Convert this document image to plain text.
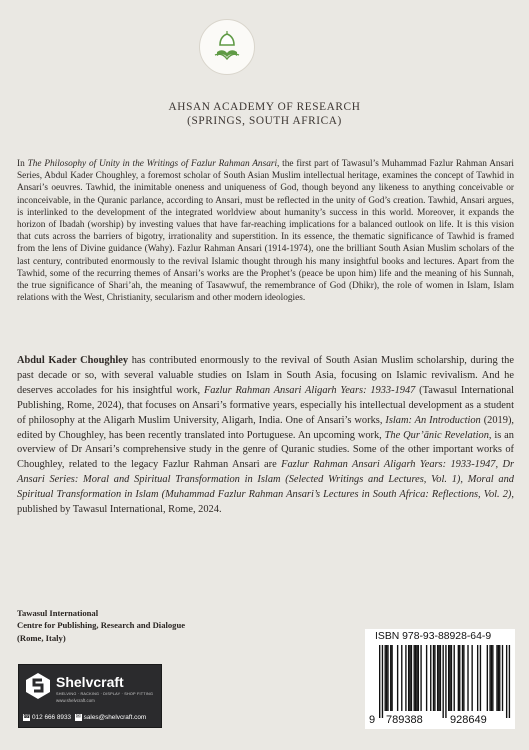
AHSAN ACADEMY OF RESEARCH
(SPRINGS, SOUTH AFRICA)
In The Philosophy of Unity in the Writings of Fazlur Rahman Ansari, the first part of Tawasul’s Muhammad Fazlur Rahman Ansari Series, Abdul Kader Choughley, a foremost scholar of South Asian Muslim intellectual heritage, examines the concept of Tawhid in Ansari’s oeuvres. Tawhid, the inimitable oneness and uniqueness of God, though beyond any likeness to anything conceivable or inconceivable, in the Quranic parlance, according to Ansari, must be reflected in the unity of God’s creation. Tawhid, Ansari argues, is interlinked to the development of the integrated worldview about humanity’s success in this world. Moreover, it expands the horizon of Ibadah (worship) by investing values that have far-reaching implications for a balanced outlook on life. It is this vision that cuts across the barriers of bigotry, irrationality and superstition. In its essence, the thematic significance of Tawhid is framed from the lens of Divine guidance (Wahy). Fazlur Rahman Ansari (1914-1974), one the brilliant South Asian Muslim scholars of the last century, contributed enormously to the revival Islamic thought through his many insightful books and lectures. Apart from the Tawhid, some of the recurring themes of Ansari’s works are the Prophet’s (peace be upon him) life and the meaning of his Sunnah, the true significance of Shari’ah, the meaning of Tasawwuf, the remembrance of God (Dhikr), the role of women in Islam, Islam relations with the West, Christianity, secularism and other modern ideologies.
Abdul Kader Choughley has contributed enormously to the revival of South Asian Muslim scholarship, during the past decade or so, with several valuable studies on Islam in South Asia, focusing on Islamic revivalism. And he deserves accolades for his insightful work, Fazlur Rahman Ansari Aligarh Years: 1933-1947 (Tawasul International Publishing, Rome, 2024), that focuses on Ansari’s formative years, especially his intellectual development as a student of philosophy at the Aligarh Muslim University, Aligarh, India. One of Ansari’s works, Islam: An Introduction (2019), edited by Choughley, has been recently translated into Portuguese. An upcoming work, The Qur’ānic Revelation, is an overview of Dr Ansari’s comprehensive study in the genre of Quranic studies. Some of the other important works of Choughley, related to the legacy Fazlur Rahman Ansari are Fazlur Rahman Ansari Aligarh Years: 1933-1947, Dr Ansari Series: Moral and Spiritual Transformation in Islam (Selected Writings and Lectures, Vol. 1), Moral and Spiritual Transformation in Islam (Muhammad Fazlur Rahman Ansari’s Lectures in South Africa: Reflections, Vol. 2), published by Tawasul International, Rome, 2024.
Tawasul International
Centre for Publishing, Research and Dialogue
(Rome, Italy)
Shelvcraft
SHELVING · RACKING · DISPLAY · SHOP FITTING
www.shelvcraft.com
☎ 012 666 8933 ✉ sales@shelvcraft.com
ISBN 978-93-88928-64-9
9 789388 928649
